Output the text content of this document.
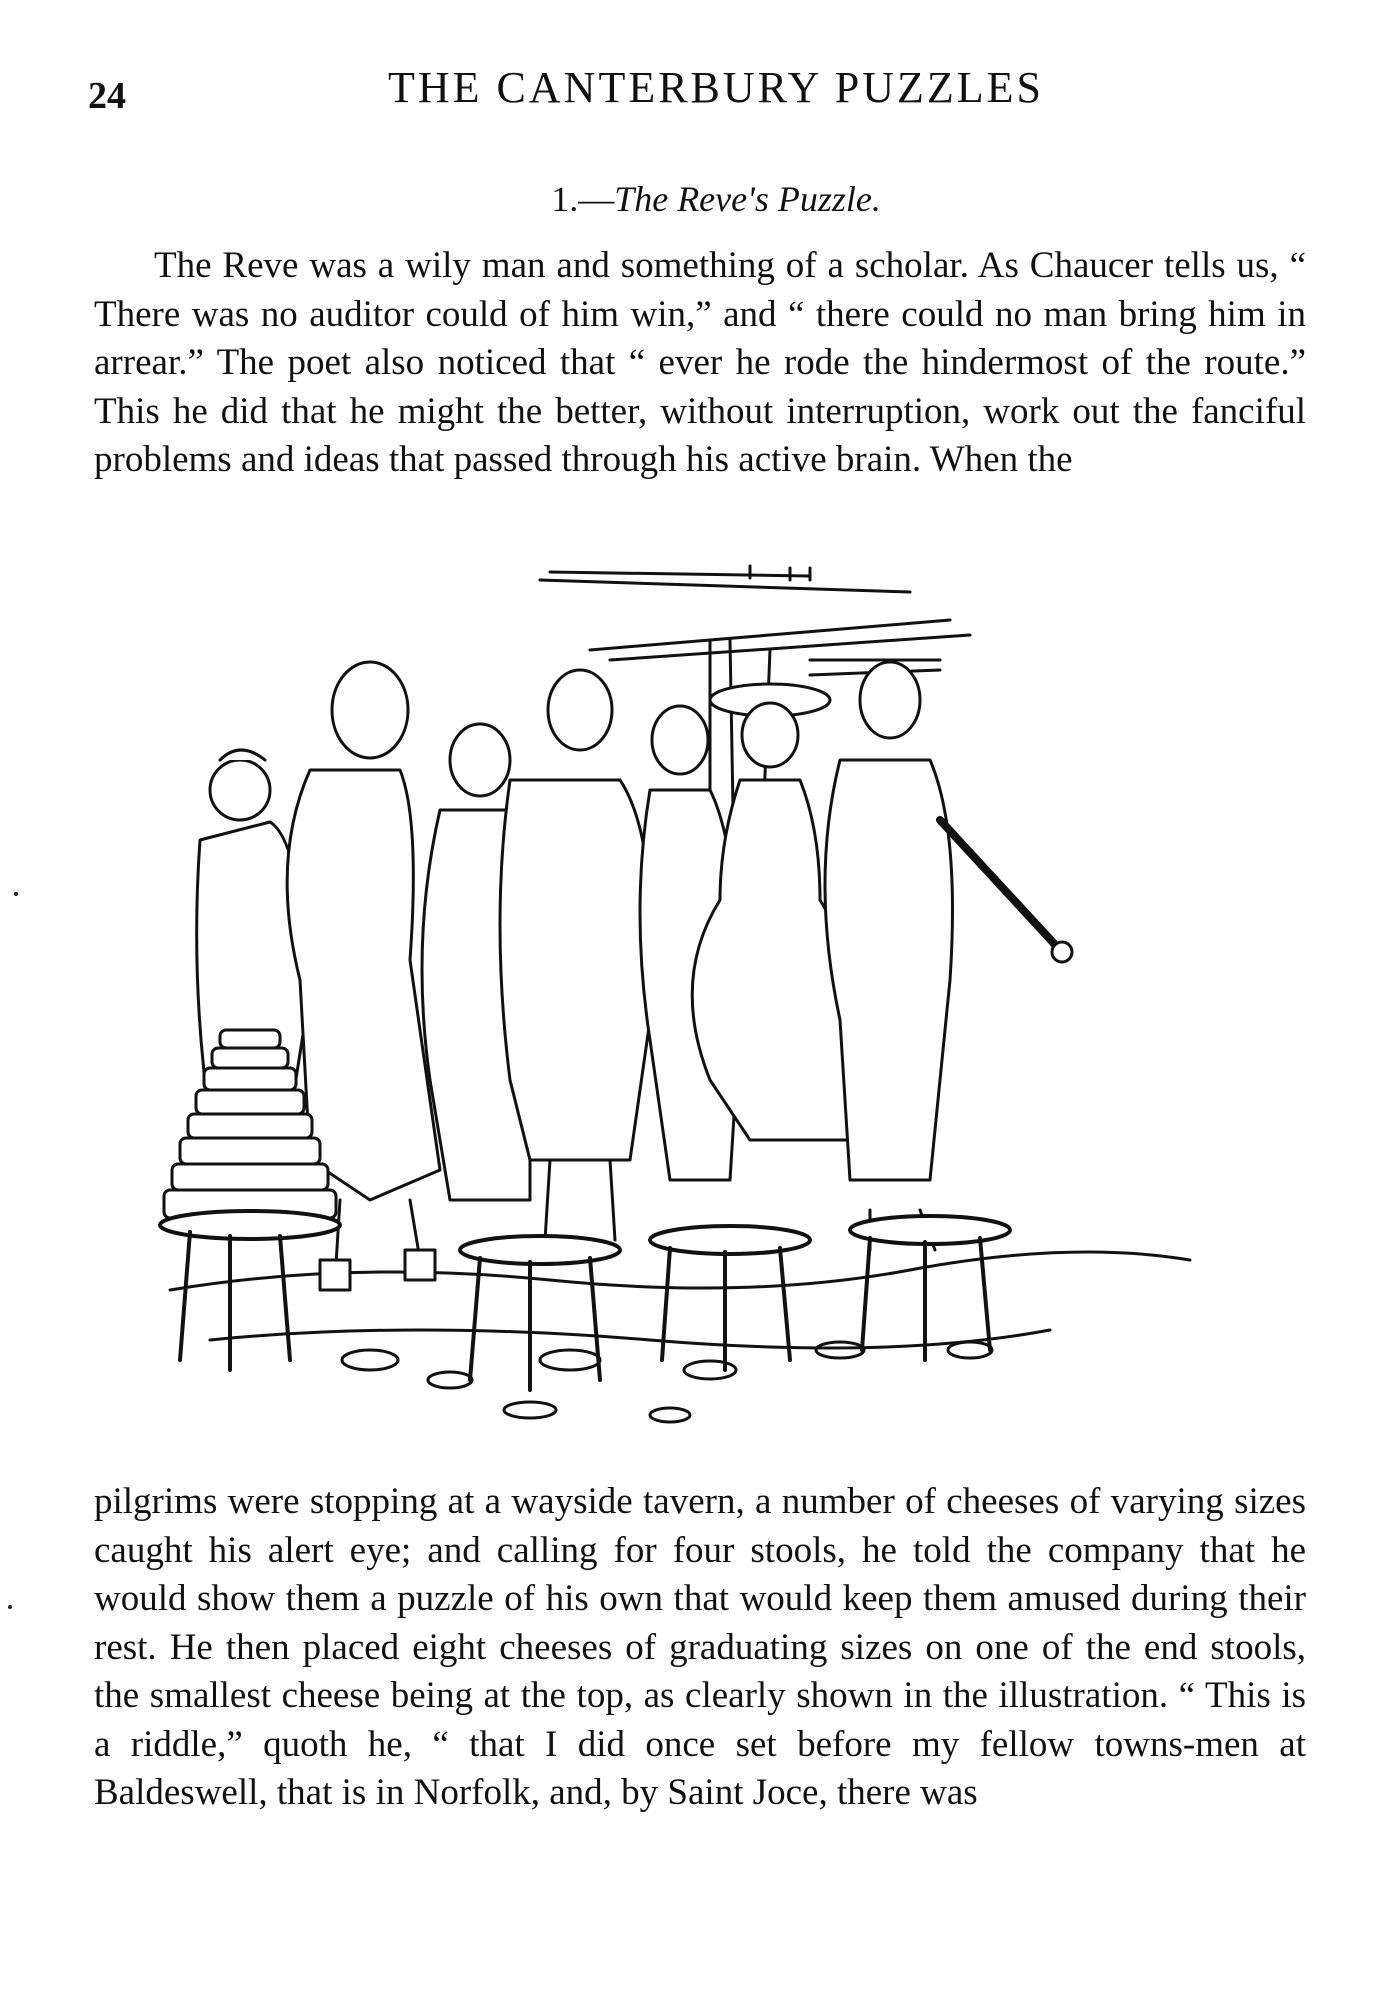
24	THE CANTERBURY PUZZLES
1.—The Reve's Puzzle.

The Reve was a wily man and something of a scholar. As Chaucer tells us, “ There was no auditor could of him win,” and “ there could no man bring him in arrear.” The poet also noticed that “ ever he rode the hindermost of the route.” This he did that he might the better, without interruption, work out the fanciful problems and ideas that passed through his active brain. When the

pilgrims were stopping at a wayside tavern, a number of cheeses of varying sizes caught his alert eye; and calling for four stools, he told the company that he would show them a puzzle of his own that would keep them amused during their rest. He then placed eight cheeses of graduating sizes on one of the end stools, the smallest cheese being at the top, as clearly shown in the illustration. “ This is a riddle,” quoth he, “ that I did once set before my fellow towns-men at Baldeswell, that is in Norfolk, and, by Saint Joce, there was
